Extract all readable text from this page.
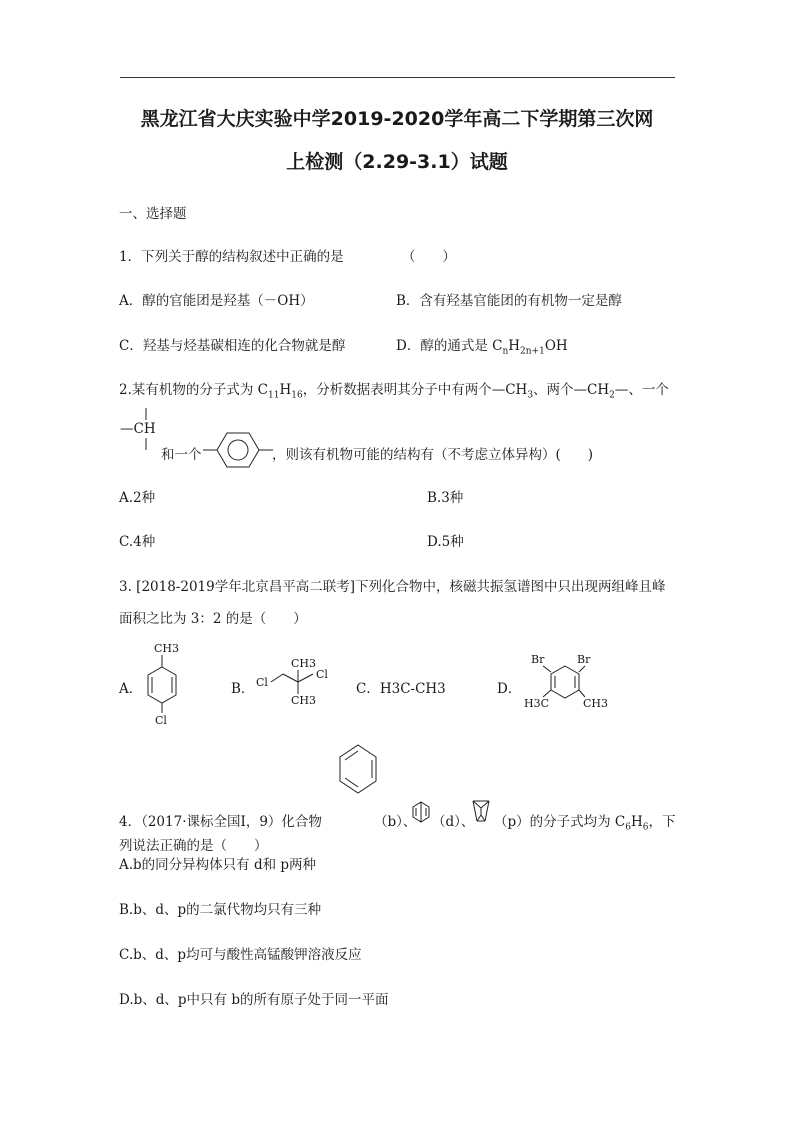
黑龙江省大庆实验中学2019-2020学年高二下学期第三次网
上检测（2.29-3.1）试题
一、选择题
1．下列关于醇的结构叙述中正确的是	（　　）
A．醇的官能团是羟基（－OH）	B．含有羟基官能团的有机物一定是醇
C．羟基与烃基碳相连的化合物就是醇	D．醇的通式是 $C_nH_{2n+1}OH$
2.某有机物的分子式为 $C_{11}H_{16}$，分析数据表明其分子中有两个$—CH_3$、两个$—CH_2—$、一个
—CH
和一个	，则该有机物可能的结构有（不考虑立体异构）(　　)
A.2种	B.3种
C.4种	D.5种
3. [2018-2019学年北京昌平高二联考]下列化合物中，核磁共振氢谱图中只出现两组峰且峰
面积之比为 3：2 的是（　　）
A．
CH3
Cl
B． Cl
CH3
CH3
Cl
C．H3C-CH3	D．
Br	Br
H3C	CH3
4．（2017·课标全国Ⅰ，9）化合物	（b）、 （d）、 （p）的分子式均为 $C_6H_6$，下
列说法正确的是（　　）
A.b的同分异构体只有 d和 p两种
B.b、d、p的二氯代物均只有三种
C.b、d、p均可与酸性高锰酸钾溶液反应
D.b、d、p中只有 b的所有原子处于同一平面
